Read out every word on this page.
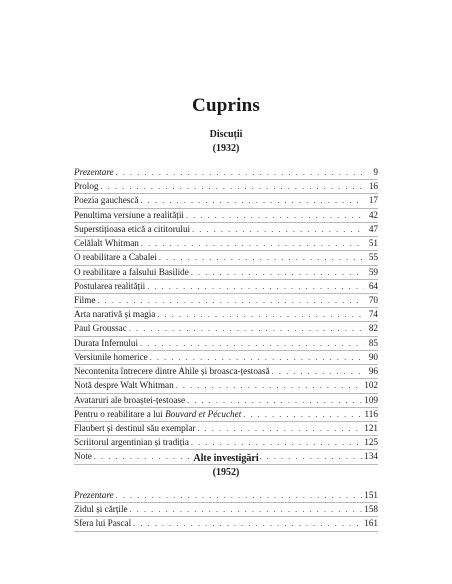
Cuprins
Discuții
(1932)
Prezentare . . .	9
Prolog . . .	16
Poezia gauchescă . . .	17
Penultima versiune a realității . . .	42
Superstițioasa etică a cititorului . . .	47
Celălalt Whitman . . .	51
O reabilitare a Cabalei . . .	55
O reabilitare a falsului Basilide . . .	59
Postularea realității . . .	64
Filme . . .	70
Arta narativă și magia . . .	74
Paul Groussac . . .	82
Durata Infernului . . .	85
Versiunile homerice . . .	90
Necontenita întrecere dintre Ahile și broasca-țestoasă . . .	96
Notă despre Walt Whitman . . .	102
Avataruri ale broaștei-țestoase . . .	109
Pentru o reabilitare a lui Bouvard et Pécuchet . . .	116
Flaubert și destinul său exemplar . . .	121
Scriitorul argentinian și tradiția . . .	125
Note . . .	134
Alte investigări
(1952)
Prezentare . . .	151
Zidul și cărțile . . .	158
Sfera lui Pascal . . .	161
